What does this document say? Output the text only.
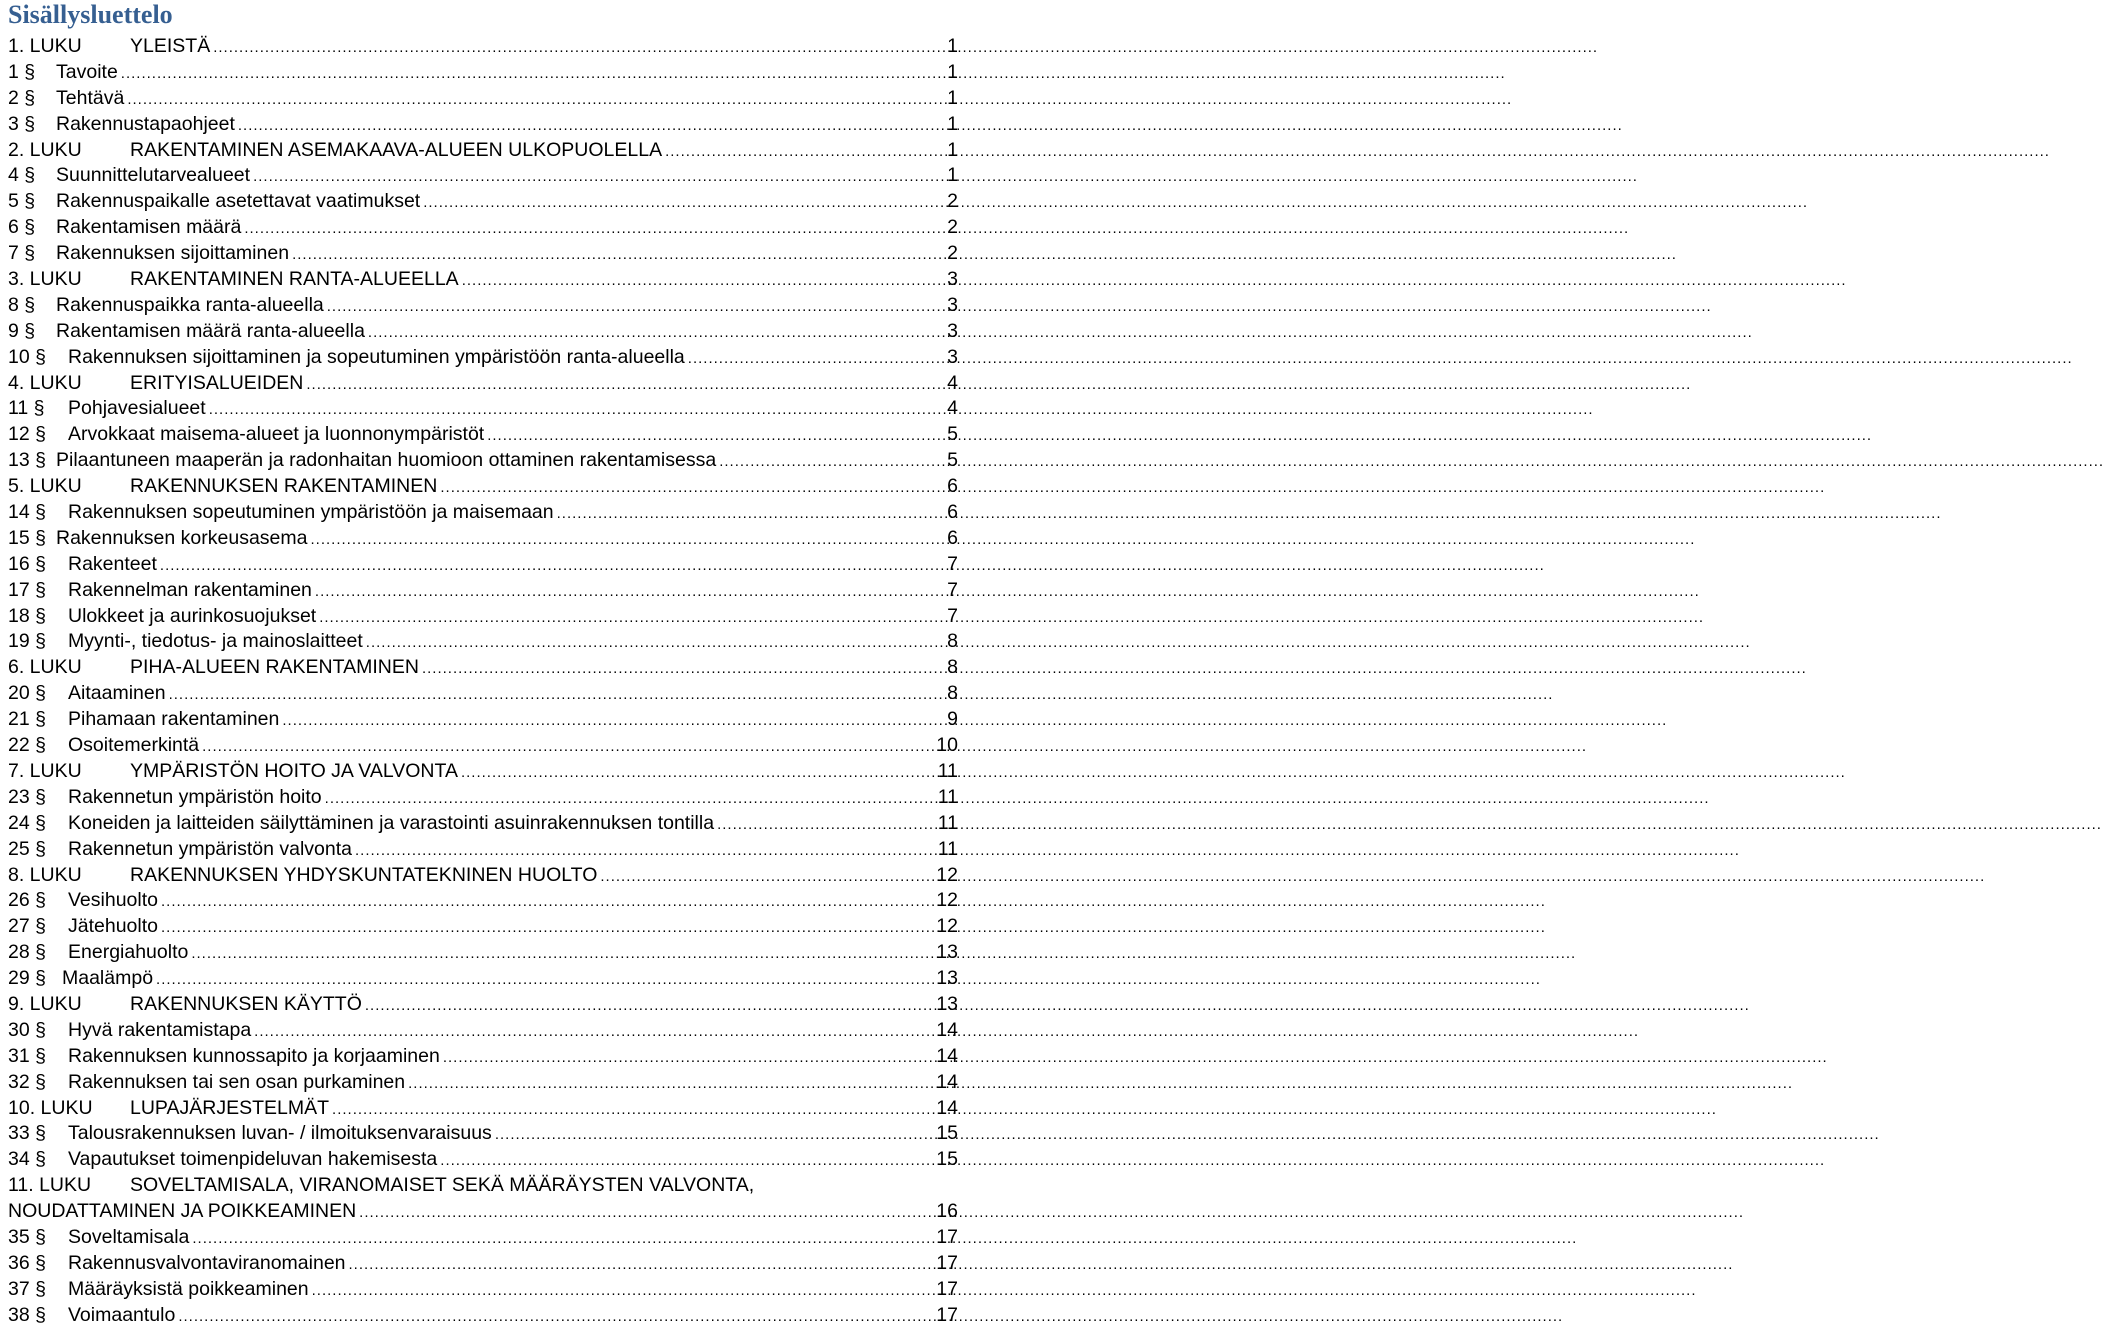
Sisällysluettelo
1. LUKU	YLEISTÄ .....	1
1 §	Tavoite .....	1
2 §	Tehtävä .....	1
3 §	Rakennustapaohjeet .....	1
2. LUKU	RAKENTAMINEN ASEMAKAAVA-ALUEEN ULKOPUOLELLA .....	1
4 §	Suunnittelutarvealueet .....	1
5 §	Rakennuspaikalle asetettavat vaatimukset .....	2
6 §	Rakentamisen määrä .....	2
7 §	Rakennuksen sijoittaminen .....	2
3. LUKU	RAKENTAMINEN RANTA-ALUEELLA .....	3
8 §	Rakennuspaikka ranta-alueella .....	3
9 §	Rakentamisen määrä ranta-alueella .....	3
10 §	Rakennuksen sijoittaminen ja sopeutuminen ympäristöön ranta-alueella .....	3
4. LUKU	ERITYISALUEIDEN .....	4
11 §	Pohjavesialueet .....	4
12 §	Arvokkaat maisema-alueet ja luonnonympäristöt .....	5
13 § Pilaantuneen maaperän ja radonhaitan huomioon ottaminen rakentamisessa .....	5
5. LUKU	RAKENNUKSEN RAKENTAMINEN .....	6
14 §	Rakennuksen sopeutuminen ympäristöön ja maisemaan .....	6
15 § Rakennuksen korkeusasema .....	6
16 §	Rakenteet .....	7
17 §	Rakennelman rakentaminen .....	7
18 §	Ulokkeet ja aurinkosuojukset .....	7
19 §	Myynti-, tiedotus- ja mainoslaitteet .....	8
6. LUKU	PIHA-ALUEEN RAKENTAMINEN .....	8
20 §	Aitaaminen .....	8
21 §	Pihamaan rakentaminen .....	9
22 §	Osoitemerkintä .....	10
7. LUKU	YMPÄRISTÖN HOITO JA VALVONTA .....	11
23 §	Rakennetun ympäristön hoito .....	11
24 §	Koneiden ja laitteiden säilyttäminen ja varastointi asuinrakennuksen tontilla .....	11
25 §	Rakennetun ympäristön valvonta .....	11
8. LUKU	RAKENNUKSEN YHDYSKUNTATEKNINEN HUOLTO .....	12
26 §	Vesihuolto .....	12
27 §	Jätehuolto .....	12
28 §	Energiahuolto .....	13
29 § Maalämpö .....	13
9. LUKU	RAKENNUKSEN KÄYTTÖ .....	13
30 §	Hyvä rakentamistapa .....	14
31 §	Rakennuksen kunnossapito ja korjaaminen .....	14
32 §	Rakennuksen tai sen osan purkaminen .....	14
10. LUKU	LUPAJÄRJESTELMÄT .....	14
33 §	Talousrakennuksen luvan- / ilmoituksenvaraisuus .....	15
34 §	Vapautukset toimenpideluvan hakemisesta .....	15
11. LUKU	SOVELTAMISALA, VIRANOMAISET SEKÄ MÄÄRÄYSTEN VALVONTA,
NOUDATTAMINEN JA POIKKEAMINEN .....	16
35 §	Soveltamisala .....	17
36 §	Rakennusvalvontaviranomainen .....	17
37 §	Määräyksistä poikkeaminen .....	17
38 §	Voimaantulo .....	17
